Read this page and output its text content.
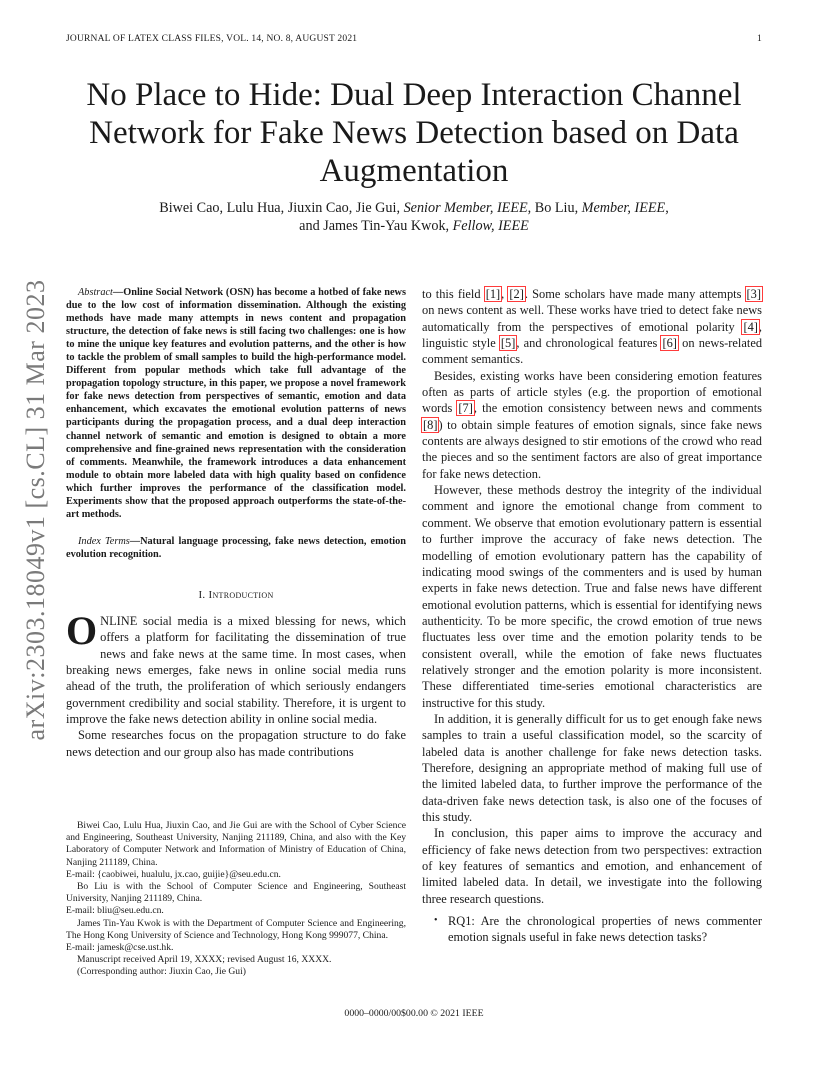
JOURNAL OF LATEX CLASS FILES, VOL. 14, NO. 8, AUGUST 2021	1
No Place to Hide: Dual Deep Interaction Channel Network for Fake News Detection based on Data Augmentation
Biwei Cao, Lulu Hua, Jiuxin Cao, Jie Gui, Senior Member, IEEE, Bo Liu, Member, IEEE,
and James Tin-Yau Kwok, Fellow, IEEE
arXiv:2303.18049v1 [cs.CL] 31 Mar 2023	Abstract—Online Social Network (OSN) has become a hotbed of fake news due to the low cost of information dissemination. Although the existing methods have made many attempts in news content and propagation structure, the detection of fake news is still facing two challenges: one is how to mine the unique key features and evolution patterns, and the other is how to tackle the problem of small samples to build the high-performance model. Different from popular methods which take full advantage of the propagation topology structure, in this paper, we propose a novel framework for fake news detection from perspectives of semantic, emotion and data enhancement, which excavates the emotional evolution patterns of news participants during the propagation process, and a dual deep interaction channel network of semantic and emotion is designed to obtain a more comprehensive and fine-grained news representation with the consideration of comments. Meanwhile, the framework introduces a data enhancement module to obtain more labeled data with high quality based on confidence which further improves the performance of the classification model. Experiments show that the proposed approach outperforms the state-of-the-art methods.

Index Terms—Natural language processing, fake news detection, emotion evolution recognition.

I. Introduction

ONLINE social media is a mixed blessing for news, which offers a platform for facilitating the dissemination of true news and fake news at the same time. In most cases, when breaking news emerges, fake news in online social media runs ahead of the truth, the proliferation of which seriously endangers government credibility and social stability. Therefore, it is urgent to improve the fake news detection ability in online social media.

Some researches focus on the propagation structure to do fake news detection and our group also has made contributions

Biwei Cao, Lulu Hua, Jiuxin Cao, and Jie Gui are with the School of Cyber Science and Engineering, Southeast University, Nanjing 211189, China, and also with the Key Laboratory of Computer Network and Information of Ministry of Education of China, Nanjing 211189, China.

E-mail: {caobiwei, hualulu, jx.cao, guijie}@seu.edu.cn.

Bo Liu is with the School of Computer Science and Engineering, Southeast University, Nanjing 211189, China.

E-mail: bliu@seu.edu.cn.

James Tin-Yau Kwok is with the Department of Computer Science and Engineering, The Hong Kong University of Science and Technology, Hong Kong 999077, China.

E-mail: jamesk@cse.ust.hk.

Manuscript received April 19, XXXX; revised August 16, XXXX.

(Corresponding author: Jiuxin Cao, Jie Gui)

to this field [1], [2]. Some scholars have made many attempts [3] on news content as well. These works have tried to detect fake news automatically from the perspectives of emotional polarity [4], linguistic style [5], and chronological features [6] on news-related comment semantics.

Besides, existing works have been considering emotion features often as parts of article styles (e.g. the proportion of emotional words [7], the emotion consistency between news and comments [8]) to obtain simple features of emotion signals, since fake news contents are always designed to stir emotions of the crowd who read the pieces and so the sentiment factors are also of great importance for fake news detection.

However, these methods destroy the integrity of the individual comment and ignore the emotional change from comment to comment. We observe that emotion evolutionary pattern is essential to further improve the accuracy of fake news detection. The modelling of emotion evolutionary pattern has the capability of indicating mood swings of the commenters and is used by human experts in fake news detection. True and false news have different emotional evolution patterns, which is essential for identifying news authenticity. To be more specific, the crowd emotion of true news fluctuates less over time and the emotion polarity tends to be consistent overall, while the emotion of fake news fluctuates relatively stronger and the emotion polarity is more inconsistent. These differentiated time-series emotional characteristics are instructive for this study.

In addition, it is generally difficult for us to get enough fake news samples to train a useful classification model, so the scarcity of labeled data is another challenge for fake news detection tasks. Therefore, designing an appropriate method of making full use of the limited labeled data, to further improve the performance of the data-driven fake news detection task, is also one of the focuses of this study.

In conclusion, this paper aims to improve the accuracy and efficiency of fake news detection from two perspectives: extraction of key features of semantics and emotion, and enhancement of limited labeled data. In detail, we investigate into the following three research questions.

• RQ1: Are the chronological properties of news commenter emotion signals useful in fake news detection tasks?
0000–0000/00$00.00 © 2021 IEEE
